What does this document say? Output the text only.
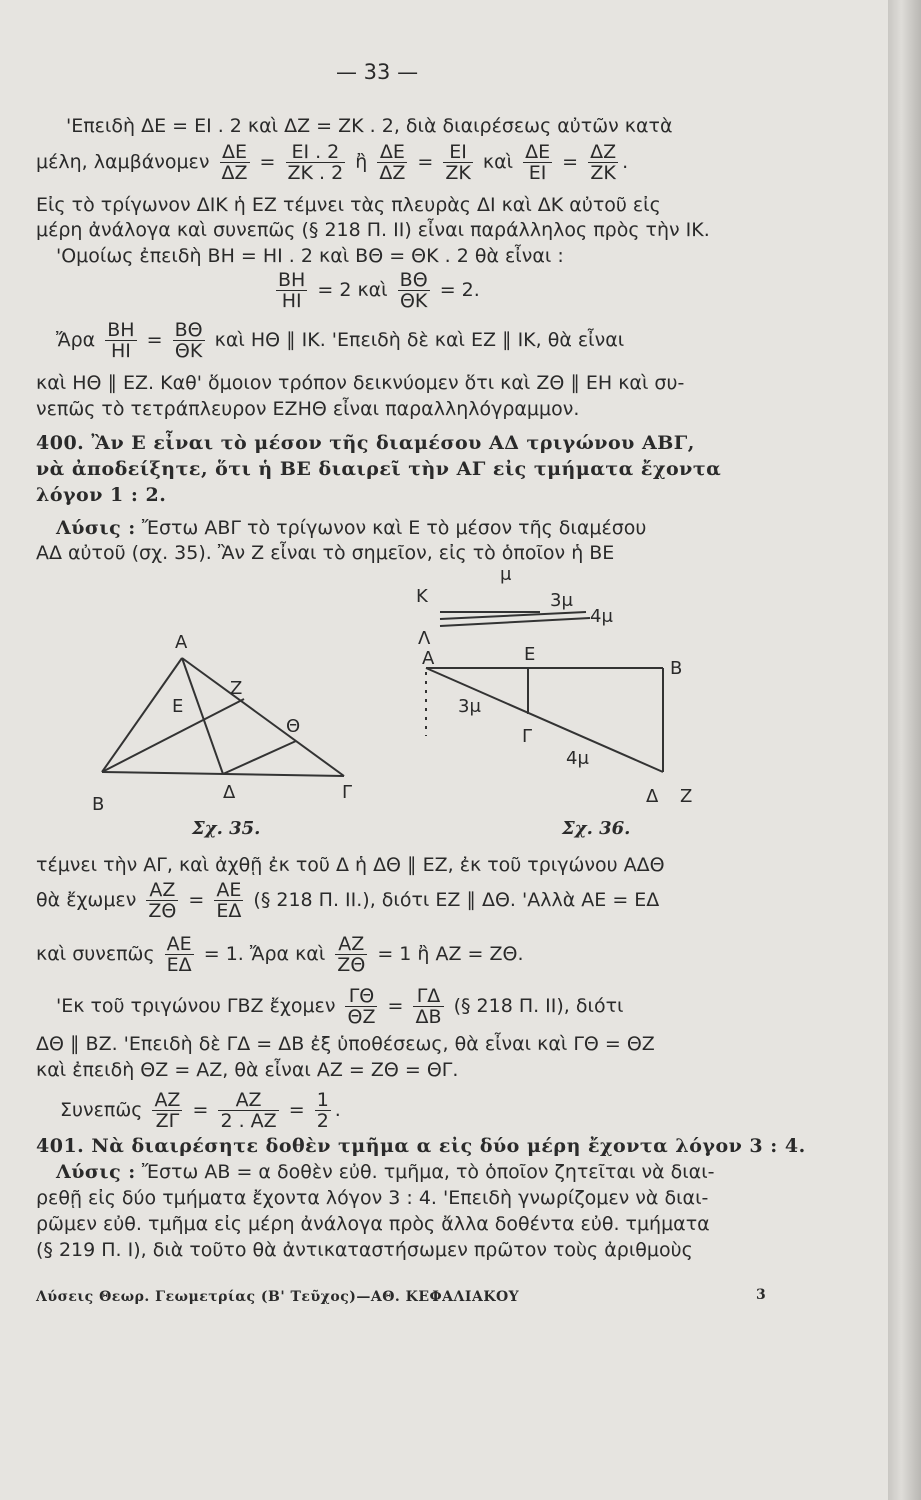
— 33 —
'Επειδὴ ΔΕ = ΕΙ . 2 καὶ ΔΖ = ΖΚ . 2, διὰ διαιρέσεως αὐτῶν κατὰ
μέλη, λαμβάνομεν $\frac{\Delta E}{\Delta Z} = \frac{EI . 2}{ZK . 2}$ ἢ $\frac{\Delta E}{\Delta Z} = \frac{EI}{ZK}$ καὶ $\frac{\Delta E}{EI} = \frac{\Delta Z}{ZK}$ .
Εἰς τὸ τρίγωνον ΔΙΚ ἡ ΕΖ τέμνει τὰς πλευρὰς ΔΙ καὶ ΔΚ αὐτοῦ εἰς
μέρη ἀνάλογα καὶ συνεπῶς (§ 218 Π. ΙΙ) εἶναι παράλληλος πρὸς τὴν ΙΚ.
'Ομοίως ἐπειδὴ ΒΗ = ΗΙ . 2 καὶ ΒΘ = ΘΚ . 2 θὰ εἶναι :
$\frac{BH}{HI} = 2$ καὶ $\frac{B\Theta}{\Theta K} = 2$.
Ἄρα $\frac{BH}{HI} = \frac{B\Theta}{\Theta K}$ καὶ ΗΘ ∥ ΙΚ. 'Επειδὴ δὲ καὶ ΕΖ ∥ ΙΚ, θὰ εἶναι
καὶ ΗΘ ∥ ΕΖ. Καθ' ὅμοιον τρόπον δεικνύομεν ὅτι καὶ ΖΘ ∥ ΕΗ καὶ συ-
νεπῶς τὸ τετράπλευρον ΕΖΗΘ εἶναι παραλληλόγραμμον.
400. Ἂν Ε εἶναι τὸ μέσον τῆς διαμέσου ΑΔ τριγώνου ΑΒΓ,
νὰ ἀποδείξητε, ὅτι ἡ ΒΕ διαιρεῖ τὴν ΑΓ εἰς τμήματα ἔχοντα
λόγον 1 : 2.
Λύσις : Ἔστω ΑΒΓ τὸ τρίγωνον καὶ Ε τὸ μέσον τῆς διαμέσου
ΑΔ αὐτοῦ (σχ. 35). Ἂν Ζ εἶναι τὸ σημεῖον, εἰς τὸ ὁποῖον ἡ ΒΕ
Α
Β
Γ
Δ
Ε
Ζ
Θ
Σχ. 35.
μ
Κ	3μ
4μ
Λ
Α	Ε
Β
3μ
Γ
4μ
Δ Ζ
Σχ. 36.
τέμνει τὴν ΑΓ, καὶ ἀχθῇ ἐκ τοῦ Δ ἡ ΔΘ ∥ ΕΖ, ἐκ τοῦ τριγώνου ΑΔΘ
θὰ ἔχωμεν $\frac{AZ}{Z\Theta} = \frac{AE}{E\Delta}$ (§ 218 Π. ΙΙ.), διότι ΕΖ ∥ ΔΘ. 'Αλλὰ ΑΕ = ΕΔ
καὶ συνεπῶς $\frac{AE}{E\Delta} = 1$. Ἄρα καὶ $\frac{AZ}{Z\Theta} = 1$ ἢ ΑΖ = ΖΘ.
'Εκ τοῦ τριγώνου ΓΒΖ ἔχομεν $\frac{\Gamma\Theta}{\Theta Z} = \frac{\Gamma\Delta}{\Delta B}$ (§ 218 Π. ΙΙ), διότι
ΔΘ ∥ ΒΖ. 'Επειδὴ δὲ ΓΔ = ΔΒ ἐξ ὑποθέσεως, θὰ εἶναι καὶ ΓΘ = ΘΖ
καὶ ἐπειδὴ ΘΖ = ΑΖ, θὰ εἶναι ΑΖ = ΖΘ = ΘΓ.
Συνεπῶς $\frac{AZ}{Z\Gamma} = \frac{AZ}{2 . AZ} = \frac{1}{2}$ .
401. Νὰ διαιρέσητε δοθὲν τμῆμα α εἰς δύο μέρη ἔχοντα λόγον 3 : 4.
Λύσις : Ἔστω ΑΒ = α δοθὲν εὐθ. τμῆμα, τὸ ὁποῖον ζητεῖται νὰ διαι-
ρεθῇ εἰς δύο τμήματα ἔχοντα λόγον 3 : 4. 'Επειδὴ γνωρίζομεν νὰ διαι-
ρῶμεν εὐθ. τμῆμα εἰς μέρη ἀνάλογα πρὸς ἄλλα δοθέντα εὐθ. τμήματα
(§ 219 Π. Ι), διὰ τοῦτο θὰ ἀντικαταστήσωμεν πρῶτον τοὺς ἀριθμοὺς
Λύσεις Θεωρ. Γεωμετρίας (Β' Τεῦχος)—ΑΘ. ΚΕΦΑΛΙΑΚΟΥ	3
